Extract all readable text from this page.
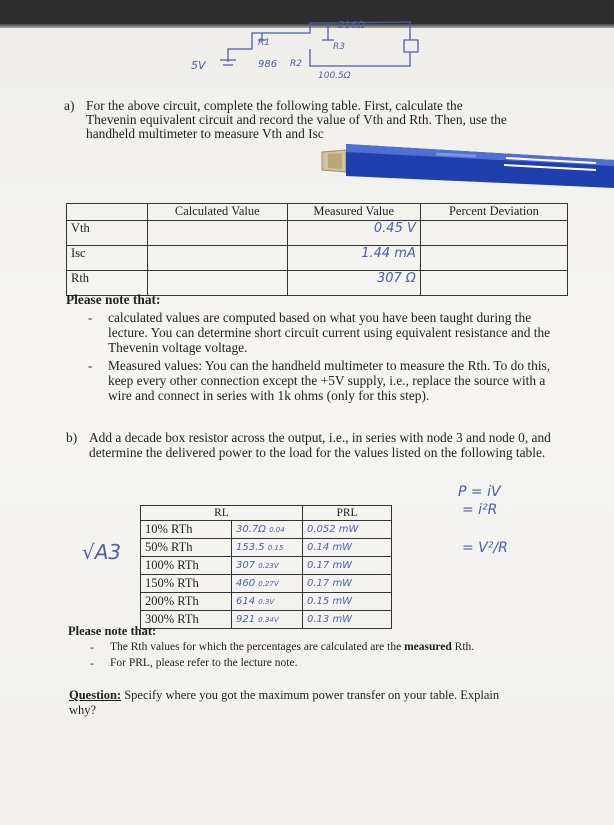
5V
R1
986 R2
100.5Ω
R3
216Ω
a) For the above circuit, complete the following table. First, calculate the
Thevenin equivalent circuit and record the value of Vth and Rth. Then, use the
handheld multimeter to measure Vth and Isc
	Calculated Value	Measured Value	Percent Deviation
Vth		0.45 V	
Isc		1.44 mA	
Rth		307 Ω	
Please note that:
- calculated values are computed based on what you have been taught during the
lecture. You can determine short circuit current using equivalent resistance and the
Thevenin voltage voltage.
- Measured values: You can the handheld multimeter to measure the Rth. To do this,
keep every other connection except the +5V supply, i.e., replace the source with a
wire and connect in series with 1k ohms (only for this step).
b) Add a decade box resistor across the output, i.e., in series with node 3 and node 0, and
determine the delivered power to the load for the values listed on the following table.
RL		PRL
10% RTh	30.7Ω 0.04	0.052 mW
50% RTh	153.5 0.15	0.14 mW
100% RTh	307 0.23V	0.17 mW
150% RTh	460 0.27V	0.17 mW
200% RTh	614 0.3V	0.15 mW
300% RTh	921 0.34V	0.13 mW
√A3
P = iV
= i²R
= V²/R
Please note that:
- The Rth values for which the percentages are calculated are the measured Rth.
- For PRL, please refer to the lecture note.
Question: Specify where you got the maximum power transfer on your table. Explain
why?
